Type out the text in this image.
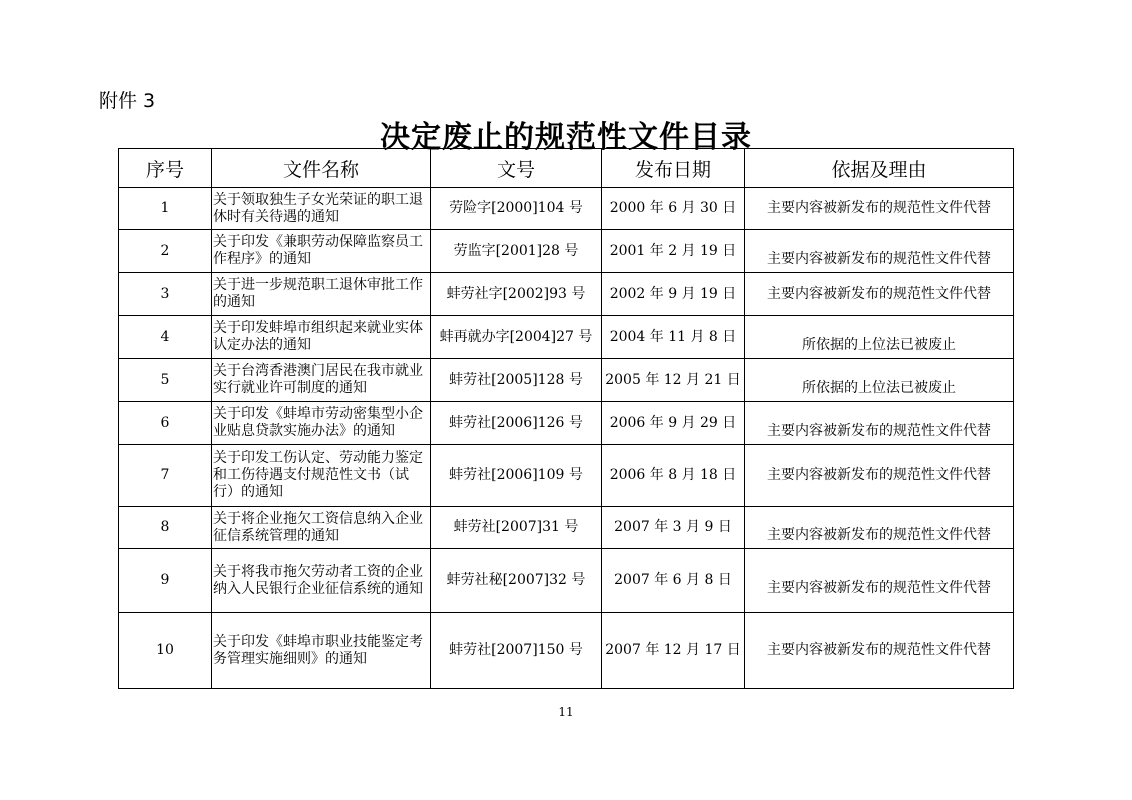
附件 3
决定废止的规范性文件目录
序号	文件名称	文号	发布日期	依据及理由
1	关于领取独生子女光荣证的职工退休时有关待遇的通知	劳险字[2000]104 号	2000 年 6 月 30 日	主要内容被新发布的规范性文件代替
2	关于印发《兼职劳动保障监察员工作程序》的通知	劳监字[2001]28 号	2001 年 2 月 19 日	主要内容被新发布的规范性文件代替
3	关于进一步规范职工退休审批工作的通知	蚌劳社字[2002]93 号	2002 年 9 月 19 日	主要内容被新发布的规范性文件代替
4	关于印发蚌埠市组织起来就业实体认定办法的通知	蚌再就办字[2004]27 号	2004 年 11 月 8 日	所依据的上位法已被废止
5	关于台湾香港澳门居民在我市就业实行就业许可制度的通知	蚌劳社[2005]128 号	2005 年 12 月 21 日	所依据的上位法已被废止
6	关于印发《蚌埠市劳动密集型小企业贴息贷款实施办法》的通知	蚌劳社[2006]126 号	2006 年 9 月 29 日	主要内容被新发布的规范性文件代替
7	关于印发工伤认定、劳动能力鉴定和工伤待遇支付规范性文书（试行）的通知	蚌劳社[2006]109 号	2006 年 8 月 18 日	主要内容被新发布的规范性文件代替
8	关于将企业拖欠工资信息纳入企业征信系统管理的通知	蚌劳社[2007]31 号	2007 年 3 月 9 日	主要内容被新发布的规范性文件代替
9	关于将我市拖欠劳动者工资的企业纳入人民银行企业征信系统的通知	蚌劳社秘[2007]32 号	2007 年 6 月 8 日	主要内容被新发布的规范性文件代替
10	关于印发《蚌埠市职业技能鉴定考务管理实施细则》的通知	蚌劳社[2007]150 号	2007 年 12 月 17 日	主要内容被新发布的规范性文件代替
11
